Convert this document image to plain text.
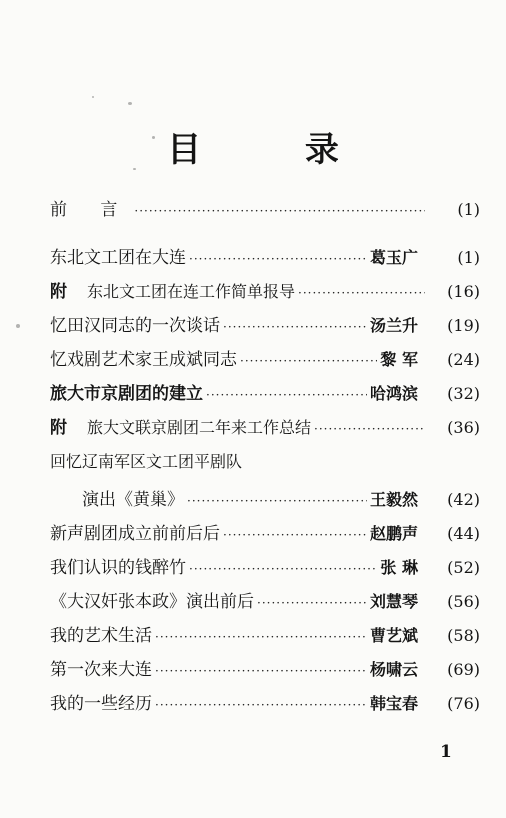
目 录
前 言 ·····	(1)
东北文工团在大连 ·····	葛玉广	(1)
附 东北文工团在连工作简单报导 ·····	(16)
忆田汉同志的一次谈话 ·····	汤兰升	(19)
忆戏剧艺术家王成斌同志 ·····	黎 军	(24)
旅大市京剧团的建立 ·····	哈鸿滨	(32)
附 旅大文联京剧团二年来工作总结 ·····	(36)
回忆辽南军区文工团平剧队
演出《黄巢》 ·····	王毅然	(42)
新声剧团成立前前后后 ·····	赵鹏声	(44)
我们认识的钱醉竹 ·····	张 琳	(52)
《大汉奸张本政》演出前后 ·····	刘慧琴	(56)
我的艺术生活 ·····	曹艺斌	(58)
第一次来大连 ·····	杨啸云	(69)
我的一些经历 ·····	韩宝春	(76)
1
